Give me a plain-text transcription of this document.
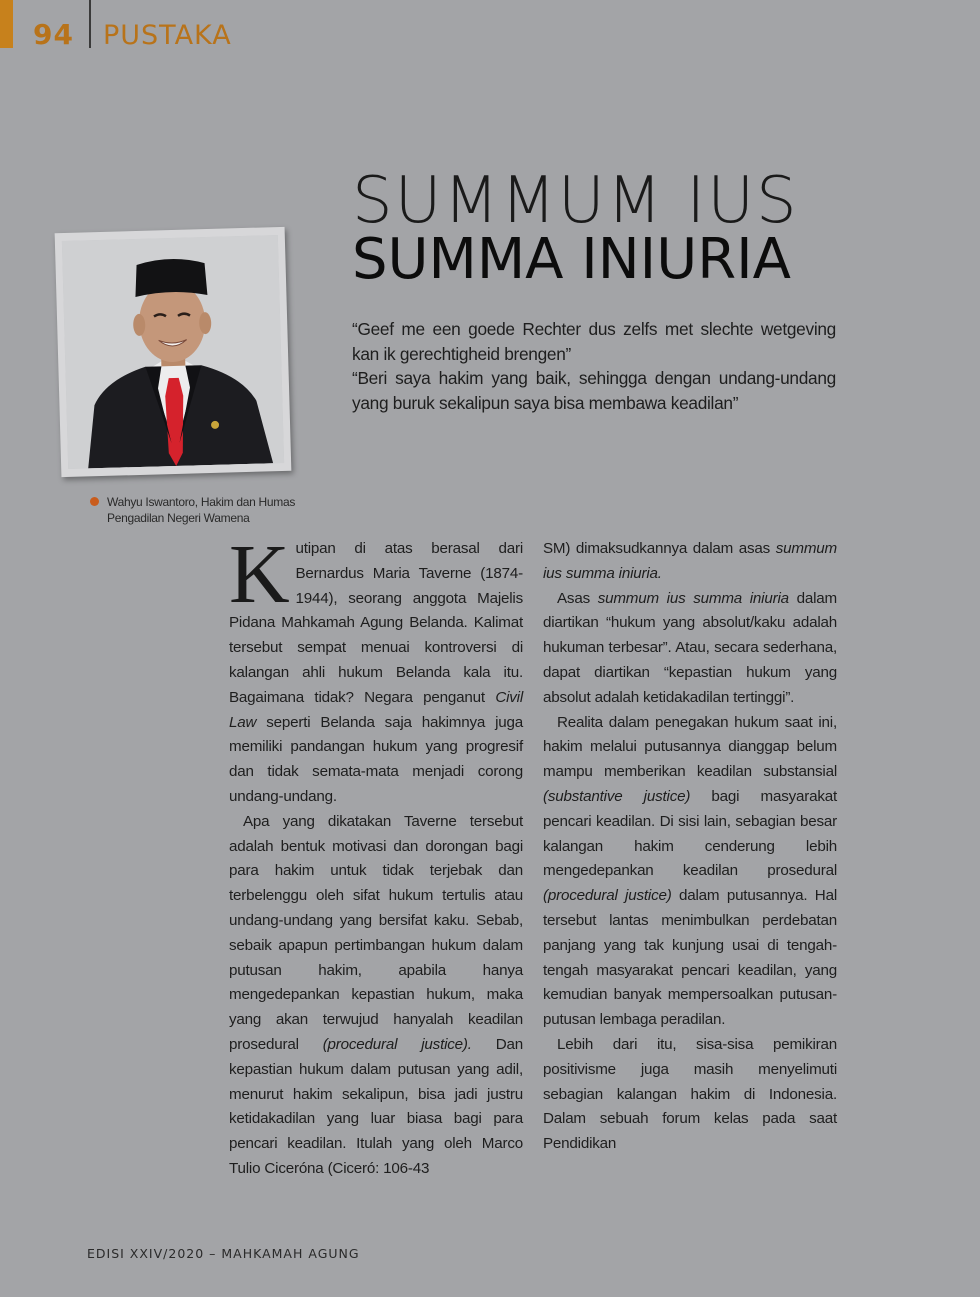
94 PUSTAKA
SUMMUM IUS
SUMMA INIURIA
Wahyu Iswantoro, Hakim dan Humas
Pengadilan Negeri Wamena

“Geef me een goede Rechter dus zelfs met slechte wetgeving kan ik gerechtigheid brengen”

“Beri saya hakim yang baik, sehingga dengan undang-undang yang buruk sekalipun saya bisa membawa keadilan”

Kutipan di atas berasal dari Bernardus Maria Taverne (1874-1944), seorang anggota Majelis Pidana Mahkamah Agung Belanda. Kalimat tersebut sempat menuai kontroversi di kalangan ahli hukum Belanda kala itu. Bagaimana tidak? Negara penganut Civil Law seperti Belanda saja hakimnya juga memiliki pandangan hukum yang progresif dan tidak semata-mata menjadi corong undang-undang.

Apa yang dikatakan Taverne tersebut adalah bentuk motivasi dan dorongan bagi para hakim untuk tidak terjebak dan terbelenggu oleh sifat hukum tertulis atau undang-undang yang bersifat kaku. Sebab, sebaik apapun pertimbangan hukum dalam putusan hakim, apabila hanya mengedepankan kepastian hukum, maka yang akan terwujud hanyalah keadilan prosedural (procedural justice). Dan kepastian hukum dalam putusan yang adil, menurut hakim sekalipun, bisa jadi justru ketidakadilan yang luar biasa bagi para pencari keadilan. Itulah yang oleh Marco Tulio Ciceróna (Ciceró: 106-43

SM) dimaksudkannya dalam asas summum ius summa iniuria.

Asas summum ius summa iniuria dalam diartikan “hukum yang absolut/kaku adalah hukuman terbesar”. Atau, secara sederhana, dapat diartikan “kepastian hukum yang absolut adalah ketidakadilan tertinggi”.

Realita dalam penegakan hukum saat ini, hakim melalui putusannya dianggap belum mampu memberikan keadilan substansial (substantive justice) bagi masyarakat pencari keadilan. Di sisi lain, sebagian besar kalangan hakim cenderung lebih mengedepankan keadilan prosedural (procedural justice) dalam putusannya. Hal tersebut lantas menimbulkan perdebatan panjang yang tak kunjung usai di tengah-tengah masyarakat pencari keadilan, yang kemudian banyak mempersoalkan putusan-putusan lembaga peradilan.

Lebih dari itu, sisa-sisa pemikiran positivisme juga masih menyelimuti sebagian kalangan hakim di Indonesia. Dalam sebuah forum kelas pada saat Pendidikan

EDISI XXIV/2020 – MAHKAMAH AGUNG
